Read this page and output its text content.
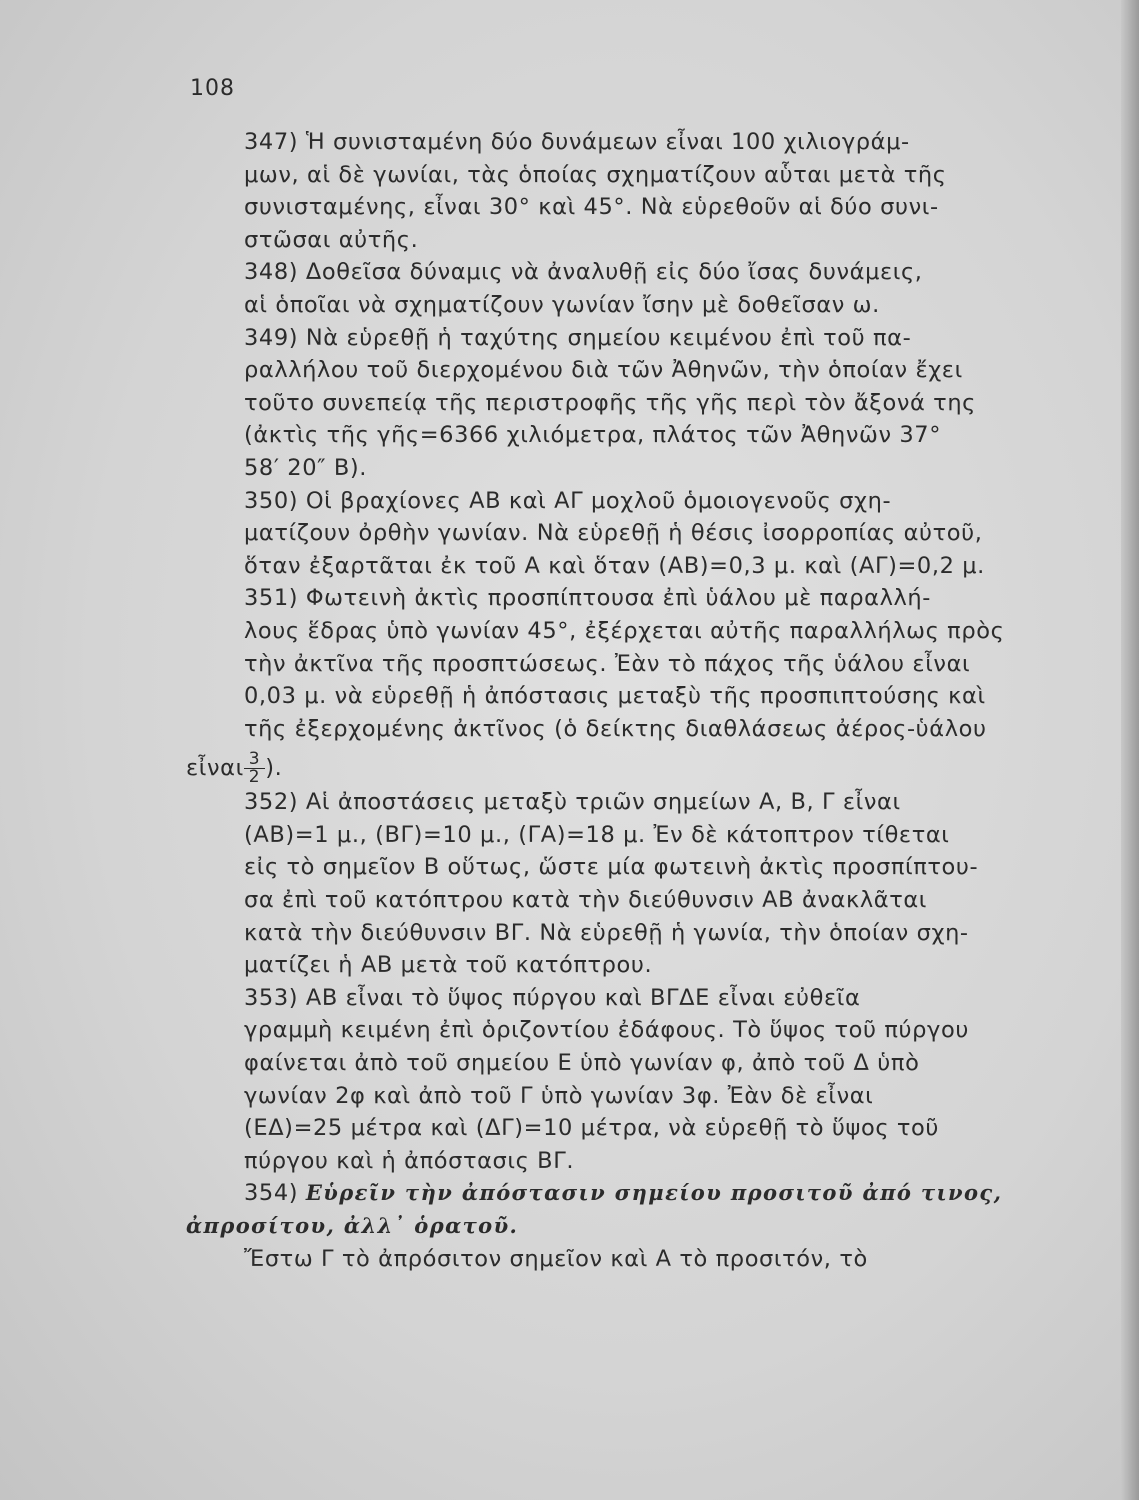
108

347) Ἡ συνισταμένη δύο δυνάμεων εἶναι 100 χιλιογράμ-
μων, αἱ δὲ γωνίαι, τὰς ὁποίας σχηματίζουν αὗται μετὰ τῆς
συνισταμένης, εἶναι 30° καὶ 45°. Νὰ εὑρεθοῦν αἱ δύο συνι-
στῶσαι αὐτῆς.

348) Δοθεῖσα δύναμις νὰ ἀναλυθῇ εἰς δύο ἴσας δυνάμεις,
αἱ ὁποῖαι νὰ σχηματίζουν γωνίαν ἴσην μὲ δοθεῖσαν ω.

349) Νὰ εὑρεθῇ ἡ ταχύτης σημείου κειμένου ἐπὶ τοῦ πα-
ραλλήλου τοῦ διερχομένου διὰ τῶν Ἀθηνῶν, τὴν ὁποίαν ἔχει
τοῦτο συνεπείᾳ τῆς περιστροφῆς τῆς γῆς περὶ τὸν ἄξονά της
(ἀκτὶς τῆς γῆς=6366 χιλιόμετρα, πλάτος τῶν Ἀθηνῶν 37°
58′ 20″ Β).

350) Οἱ βραχίονες ΑΒ καὶ ΑΓ μοχλοῦ ὁμοιογενοῦς σχη-
ματίζουν ὀρθὴν γωνίαν. Νὰ εὑρεθῇ ἡ θέσις ἰσορροπίας αὐτοῦ,
ὅταν ἐξαρτᾶται ἐκ τοῦ Α καὶ ὅταν (ΑΒ)=0,3 μ. καὶ (ΑΓ)=0,2 μ.

351) Φωτεινὴ ἀκτὶς προσπίπτουσα ἐπὶ ὑάλου μὲ παραλλή-
λους ἕδρας ὑπὸ γωνίαν 45°, ἐξέρχεται αὐτῆς παραλλήλως πρὸς
τὴν ἀκτῖνα τῆς προσπτώσεως. Ἐὰν τὸ πάχος τῆς ὑάλου εἶναι
0,03 μ. νὰ εὑρεθῇ ἡ ἀπόστασις μεταξὺ τῆς προσπιπτούσης καὶ
τῆς ἐξερχομένης ἀκτῖνος (ὁ δείκτης διαθλάσεως ἀέρος-ὑάλου
εἶναι $\frac{3}{2}$ ).

352) Αἱ ἀποστάσεις μεταξὺ τριῶν σημείων Α, Β, Γ εἶναι
(ΑΒ)=1 μ., (ΒΓ)=10 μ., (ΓΑ)=18 μ. Ἐν δὲ κάτοπτρον τίθεται
εἰς τὸ σημεῖον Β οὕτως, ὥστε μία φωτεινὴ ἀκτὶς προσπίπτου-
σα ἐπὶ τοῦ κατόπτρου κατὰ τὴν διεύθυνσιν ΑΒ ἀνακλᾶται
κατὰ τὴν διεύθυνσιν ΒΓ. Νὰ εὑρεθῇ ἡ γωνία, τὴν ὁποίαν σχη-
ματίζει ἡ ΑΒ μετὰ τοῦ κατόπτρου.

353) ΑΒ εἶναι τὸ ὕψος πύργου καὶ ΒΓΔΕ εἶναι εὐθεῖα
γραμμὴ κειμένη ἐπὶ ὁριζοντίου ἐδάφους. Τὸ ὕψος τοῦ πύργου
φαίνεται ἀπὸ τοῦ σημείου Ε ὑπὸ γωνίαν φ, ἀπὸ τοῦ Δ ὑπὸ
γωνίαν 2φ καὶ ἀπὸ τοῦ Γ ὑπὸ γωνίαν 3φ. Ἐὰν δὲ εἶναι
(ΕΔ)=25 μέτρα καὶ (ΔΓ)=10 μέτρα, νὰ εὑρεθῇ τὸ ὕψος τοῦ
πύργου καὶ ἡ ἀπόστασις ΒΓ.

354) Εὑρεῖν τὴν ἀπόστασιν σημείου προσιτοῦ ἀπό τινος,
ἀπροσίτου, ἀλλ᾽ ὁρατοῦ.

Ἔστω Γ τὸ ἀπρόσιτον σημεῖον καὶ Α τὸ προσιτόν, τὸ
